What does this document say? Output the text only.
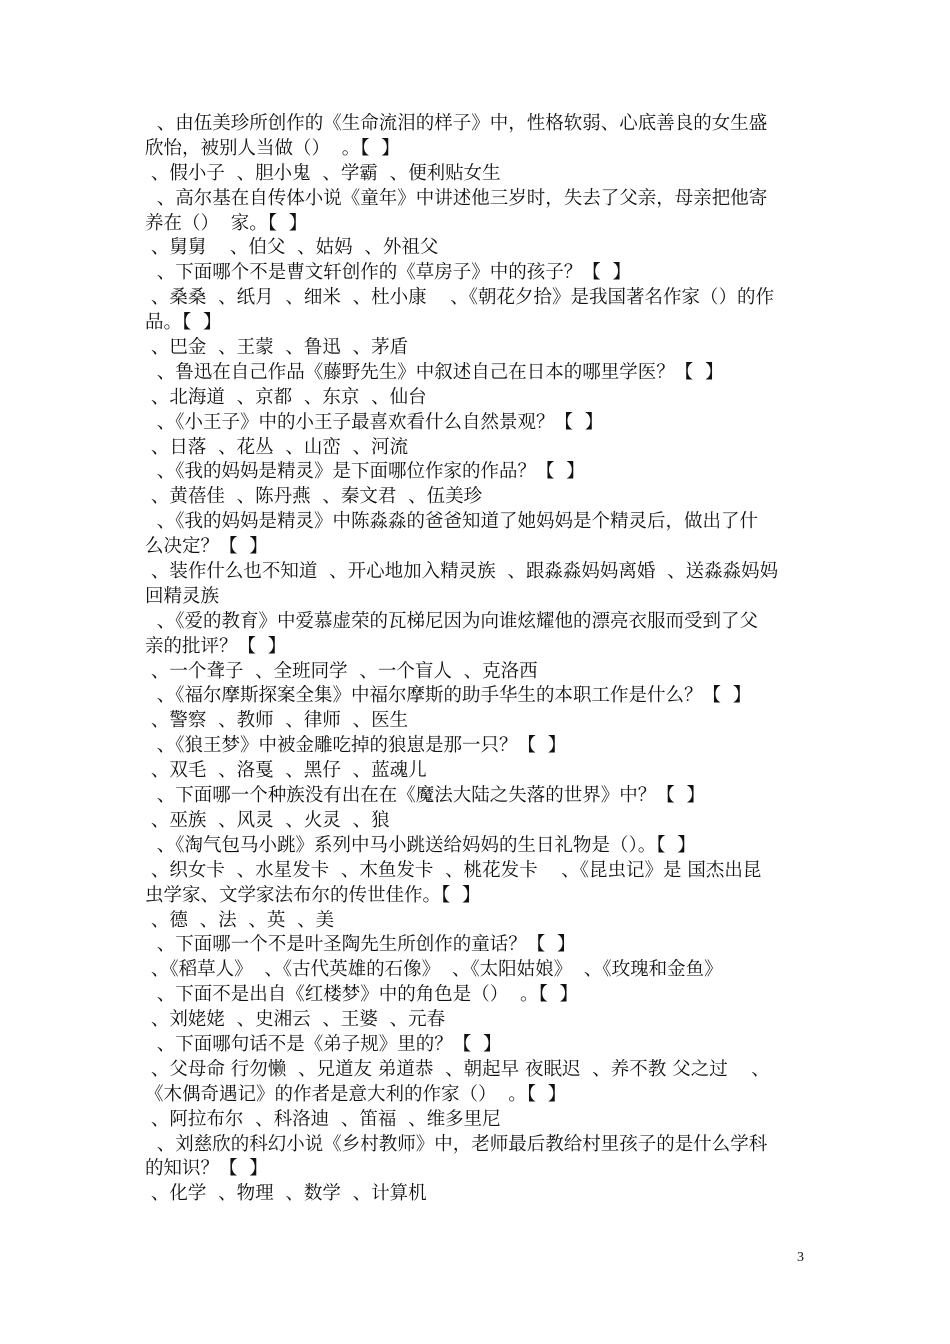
、由伍美珍所创作的《生命流泪的样子》中，性格软弱、心底善良的女生盛
欣怡，被别人当做（）  。【  】
、假小子  、胆小鬼  、学霸  、便利贴女生
、高尔基在自传体小说《童年》中讲述他三岁时，失去了父亲，母亲把他寄
养在（）  家。【  】
、舅舅    、伯父  、姑妈  、外祖父
、下面哪个不是曹文轩创作的《草房子》中的孩子？【  】
、桑桑  、纸月  、细米  、杜小康    、《朝花夕拾》是我国著名作家（）的作
品。【  】
、巴金  、王蒙  、鲁迅  、茅盾
、鲁迅在自己作品《藤野先生》中叙述自己在日本的哪里学医？【  】
、北海道  、京都  、东京  、仙台
、《小王子》中的小王子最喜欢看什么自然景观？【  】
、日落  、花丛  、山峦  、河流
、《我的妈妈是精灵》是下面哪位作家的作品？【  】
、黄蓓佳  、陈丹燕  、秦文君  、伍美珍
、《我的妈妈是精灵》中陈淼淼的爸爸知道了她妈妈是个精灵后，做出了什
么决定？【  】
、装作什么也不知道  、开心地加入精灵族  、跟淼淼妈妈离婚  、送淼淼妈妈
回精灵族
、《爱的教育》中爱慕虚荣的瓦梯尼因为向谁炫耀他的漂亮衣服而受到了父
亲的批评？【  】
、一个聋子  、全班同学  、一个盲人  、克洛西
、《福尔摩斯探案全集》中福尔摩斯的助手华生的本职工作是什么？【  】
、警察  、教师  、律师  、医生
、《狼王梦》中被金雕吃掉的狼崽是那一只？【  】
、双毛  、洛戛  、黑仔  、蓝魂儿
、下面哪一个种族没有出在在《魔法大陆之失落的世界》中？【  】
、巫族  、风灵  、火灵  、狼
、《淘气包马小跳》系列中马小跳送给妈妈的生日礼物是（）。【  】
、织女卡  、水星发卡  、木鱼发卡  、桃花发卡    、《昆虫记》是 国杰出昆
虫学家、文学家法布尔的传世佳作。【  】
、德  、法  、英  、美
、下面哪一个不是叶圣陶先生所创作的童话？【  】
、《稻草人》  、《古代英雄的石像》  、《太阳姑娘》  、《玫瑰和金鱼》
、下面不是出自《红楼梦》中的角色是（）  。【  】
、刘姥姥  、史湘云  、王婆  、元春
、下面哪句话不是《弟子规》里的？【  】
、父母命 行勿懒  、兄道友 弟道恭  、朝起早 夜眠迟  、养不教 父之过    、
《木偶奇遇记》的作者是意大利的作家（）  。【  】
、阿拉布尔  、科洛迪  、笛福  、维多里尼
、刘慈欣的科幻小说《乡村教师》中，老师最后教给村里孩子的是什么学科
的知识？【  】
、化学  、物理  、数学  、计算机
3
